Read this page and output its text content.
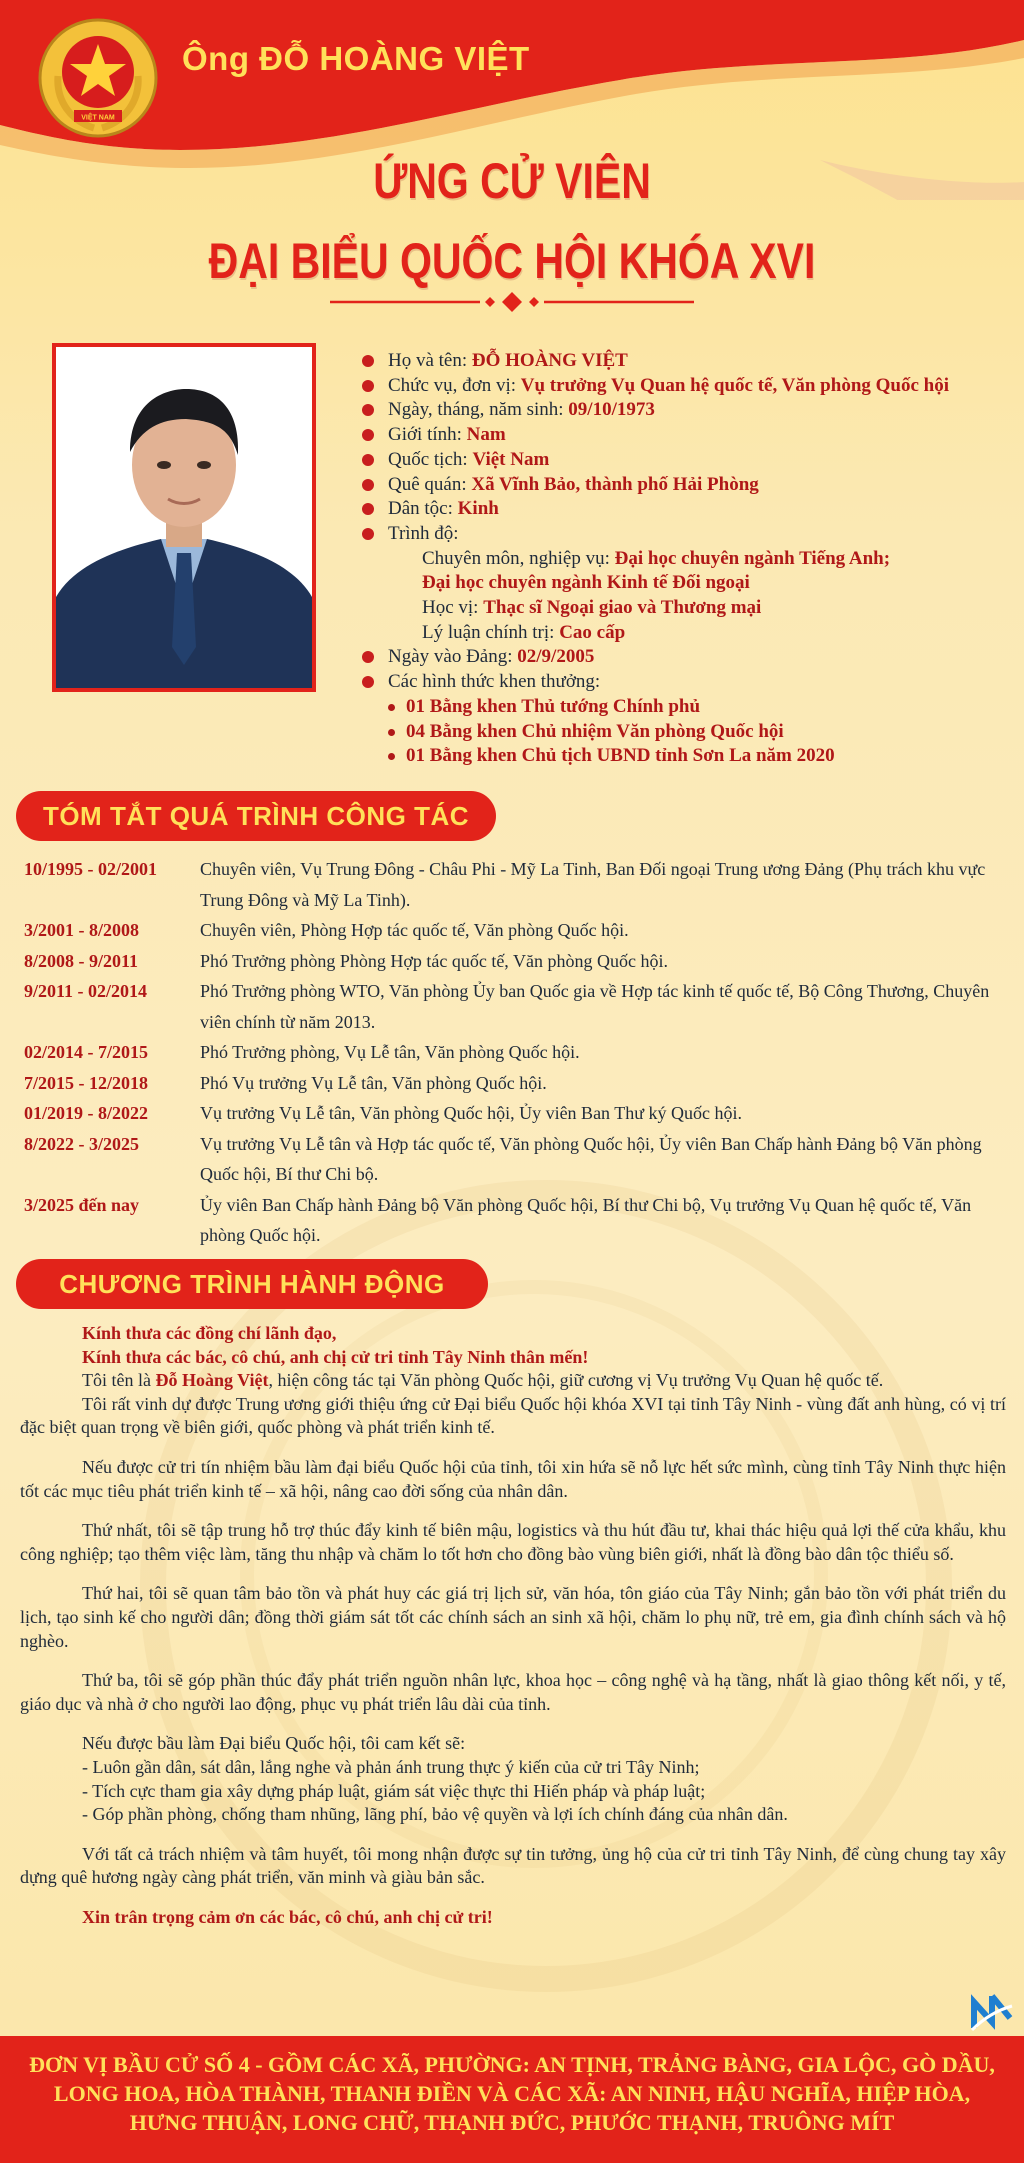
VIỆT NAM
Ông ĐỖ HOÀNG VIỆT
ỨNG CỬ VIÊN
ĐẠI BIỂU QUỐC HỘI KHÓA XVI
Họ và tên: ĐỖ HOÀNG VIỆT
Chức vụ, đơn vị: Vụ trưởng Vụ Quan hệ quốc tế, Văn phòng Quốc hội
Ngày, tháng, năm sinh: 09/10/1973
Giới tính: Nam
Quốc tịch: Việt Nam
Quê quán: Xã Vĩnh Bảo, thành phố Hải Phòng
Dân tộc: Kinh
Trình độ:
Chuyên môn, nghiệp vụ: Đại học chuyên ngành Tiếng Anh;
Đại học chuyên ngành Kinh tế Đối ngoại
Học vị: Thạc sĩ Ngoại giao và Thương mại
Lý luận chính trị: Cao cấp
Ngày vào Đảng: 02/9/2005
Các hình thức khen thưởng:
01 Bằng khen Thủ tướng Chính phủ
04 Bằng khen Chủ nhiệm Văn phòng Quốc hội
01 Bằng khen Chủ tịch UBND tỉnh Sơn La năm 2020
TÓM TẮT QUÁ TRÌNH CÔNG TÁC
10/1995 - 02/2001	Chuyên viên, Vụ Trung Đông - Châu Phi - Mỹ La Tinh, Ban Đối ngoại Trung ương Đảng (Phụ trách khu vực Trung Đông và Mỹ La Tinh).
3/2001 - 8/2008	Chuyên viên, Phòng Hợp tác quốc tế, Văn phòng Quốc hội.
8/2008 - 9/2011	Phó Trưởng phòng Phòng Hợp tác quốc tế, Văn phòng Quốc hội.
9/2011 - 02/2014	Phó Trưởng phòng WTO, Văn phòng Ủy ban Quốc gia về Hợp tác kinh tế quốc tế, Bộ Công Thương, Chuyên viên chính từ năm 2013.
02/2014 - 7/2015	Phó Trưởng phòng, Vụ Lễ tân, Văn phòng Quốc hội.
7/2015 - 12/2018	Phó Vụ trưởng Vụ Lễ tân, Văn phòng Quốc hội.
01/2019 - 8/2022	Vụ trưởng Vụ Lễ tân, Văn phòng Quốc hội, Ủy viên Ban Thư ký Quốc hội.
8/2022 - 3/2025	Vụ trưởng Vụ Lễ tân và Hợp tác quốc tế, Văn phòng Quốc hội, Ủy viên Ban Chấp hành Đảng bộ Văn phòng Quốc hội, Bí thư Chi bộ.
3/2025 đến nay	Ủy viên Ban Chấp hành Đảng bộ Văn phòng Quốc hội, Bí thư Chi bộ, Vụ trưởng Vụ Quan hệ quốc tế, Văn phòng Quốc hội.
CHƯƠNG TRÌNH HÀNH ĐỘNG

Kính thưa các đồng chí lãnh đạo,

Kính thưa các bác, cô chú, anh chị cử tri tỉnh Tây Ninh thân mến!

Tôi tên là Đỗ Hoàng Việt, hiện công tác tại Văn phòng Quốc hội, giữ cương vị Vụ trưởng Vụ Quan hệ quốc tế.

Tôi rất vinh dự được Trung ương giới thiệu ứng cử Đại biểu Quốc hội khóa XVI tại tỉnh Tây Ninh - vùng đất anh hùng, có vị trí đặc biệt quan trọng về biên giới, quốc phòng và phát triển kinh tế.

Nếu được cử tri tín nhiệm bầu làm đại biểu Quốc hội của tỉnh, tôi xin hứa sẽ nỗ lực hết sức mình, cùng tỉnh Tây Ninh thực hiện tốt các mục tiêu phát triển kinh tế – xã hội, nâng cao đời sống của nhân dân.

Thứ nhất, tôi sẽ tập trung hỗ trợ thúc đẩy kinh tế biên mậu, logistics và thu hút đầu tư, khai thác hiệu quả lợi thế cửa khẩu, khu công nghiệp; tạo thêm việc làm, tăng thu nhập và chăm lo tốt hơn cho đồng bào vùng biên giới, nhất là đồng bào dân tộc thiểu số.

Thứ hai, tôi sẽ quan tâm bảo tồn và phát huy các giá trị lịch sử, văn hóa, tôn giáo của Tây Ninh; gắn bảo tồn với phát triển du lịch, tạo sinh kế cho người dân; đồng thời giám sát tốt các chính sách an sinh xã hội, chăm lo phụ nữ, trẻ em, gia đình chính sách và hộ nghèo.

Thứ ba, tôi sẽ góp phần thúc đẩy phát triển nguồn nhân lực, khoa học – công nghệ và hạ tầng, nhất là giao thông kết nối, y tế, giáo dục và nhà ở cho người lao động, phục vụ phát triển lâu dài của tỉnh.

Nếu được bầu làm Đại biểu Quốc hội, tôi cam kết sẽ:

- Luôn gần dân, sát dân, lắng nghe và phản ánh trung thực ý kiến của cử tri Tây Ninh;

- Tích cực tham gia xây dựng pháp luật, giám sát việc thực thi Hiến pháp và pháp luật;

- Góp phần phòng, chống tham nhũng, lãng phí, bảo vệ quyền và lợi ích chính đáng của nhân dân.

Với tất cả trách nhiệm và tâm huyết, tôi mong nhận được sự tin tưởng, ủng hộ của cử tri tỉnh Tây Ninh, để cùng chung tay xây dựng quê hương ngày càng phát triển, văn minh và giàu bản sắc.

Xin trân trọng cảm ơn các bác, cô chú, anh chị cử tri!

ĐƠN VỊ BẦU CỬ SỐ 4 - GỒM CÁC XÃ, PHƯỜNG: AN TỊNH, TRẢNG BÀNG, GIA LỘC, GÒ DẦU,
LONG HOA, HÒA THÀNH, THANH ĐIỀN VÀ CÁC XÃ: AN NINH, HẬU NGHĨA, HIỆP HÒA,
HƯNG THUẬN, LONG CHỮ, THẠNH ĐỨC, PHƯỚC THẠNH, TRUÔNG MÍT
